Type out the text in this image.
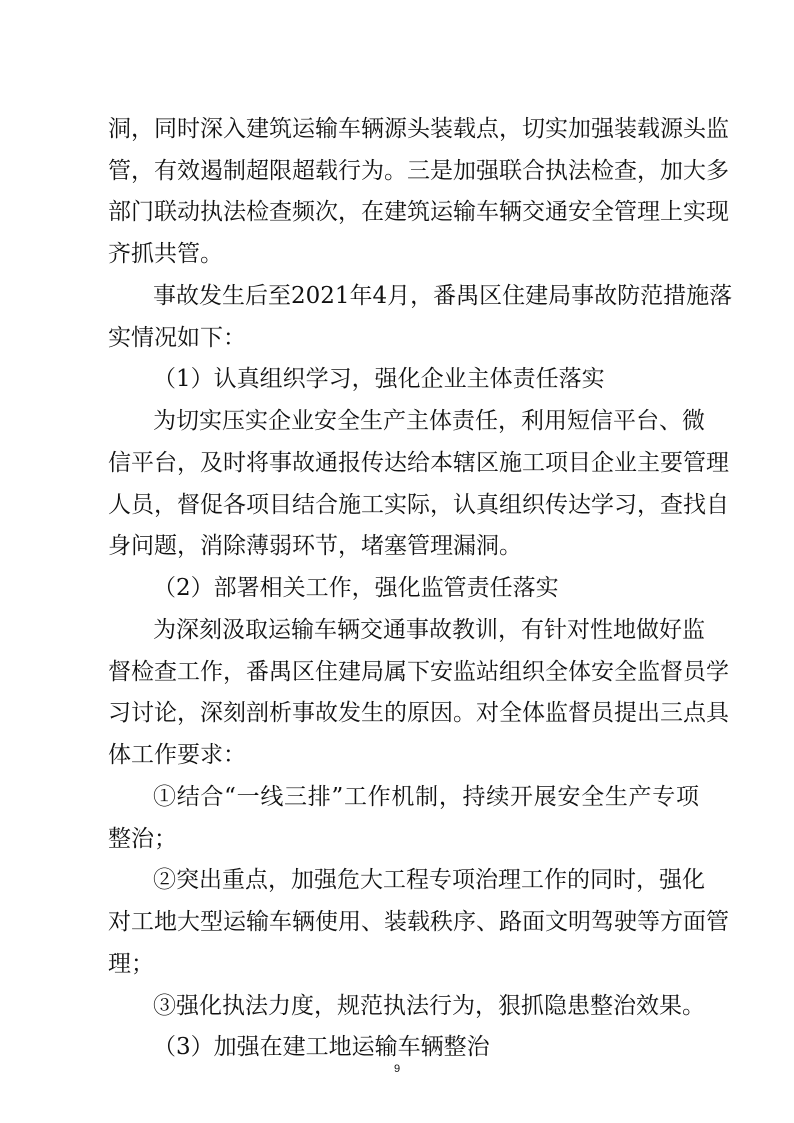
洞，同时深入建筑运输车辆源头装载点，切实加强装载源头监
管，有效遏制超限超载行为。三是加强联合执法检查，加大多
部门联动执法检查频次，在建筑运输车辆交通安全管理上实现
齐抓共管。
事故发生后至2021年4月，番禺区住建局事故防范措施落
实情况如下：
（1）认真组织学习，强化企业主体责任落实
为切实压实企业安全生产主体责任，利用短信平台、微
信平台，及时将事故通报传达给本辖区施工项目企业主要管理
人员，督促各项目结合施工实际，认真组织传达学习，查找自
身问题，消除薄弱环节，堵塞管理漏洞。
（2）部署相关工作，强化监管责任落实
为深刻汲取运输车辆交通事故教训，有针对性地做好监
督检查工作，番禺区住建局属下安监站组织全体安全监督员学
习讨论，深刻剖析事故发生的原因。对全体监督员提出三点具
体工作要求：
①结合“一线三排”工作机制，持续开展安全生产专项
整治；
②突出重点，加强危大工程专项治理工作的同时，强化
对工地大型运输车辆使用、装载秩序、路面文明驾驶等方面管
理；
③强化执法力度，规范执法行为，狠抓隐患整治效果。
（3）加强在建工地运输车辆整治
9
